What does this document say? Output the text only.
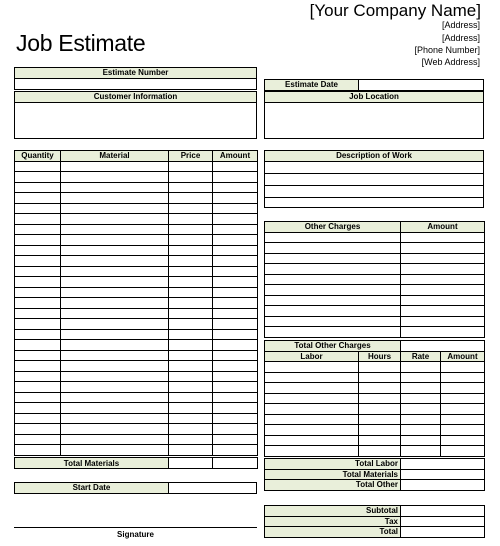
Job Estimate
[Your Company Name]
[Address]
[Address]
[Phone Number]
[Web Address]
Estimate Number
Customer Information
Estimate Date
Job Location
Quantity	Material	Price	Amount

Total Materials		
Start Date
Signature
Description of Work
Other Charges	Amount

Total Other Charges			
Labor	Hours	Rate	Amount

Total Labor	
Total Materials	
Total Other	
Subtotal	
Tax	
Total	
